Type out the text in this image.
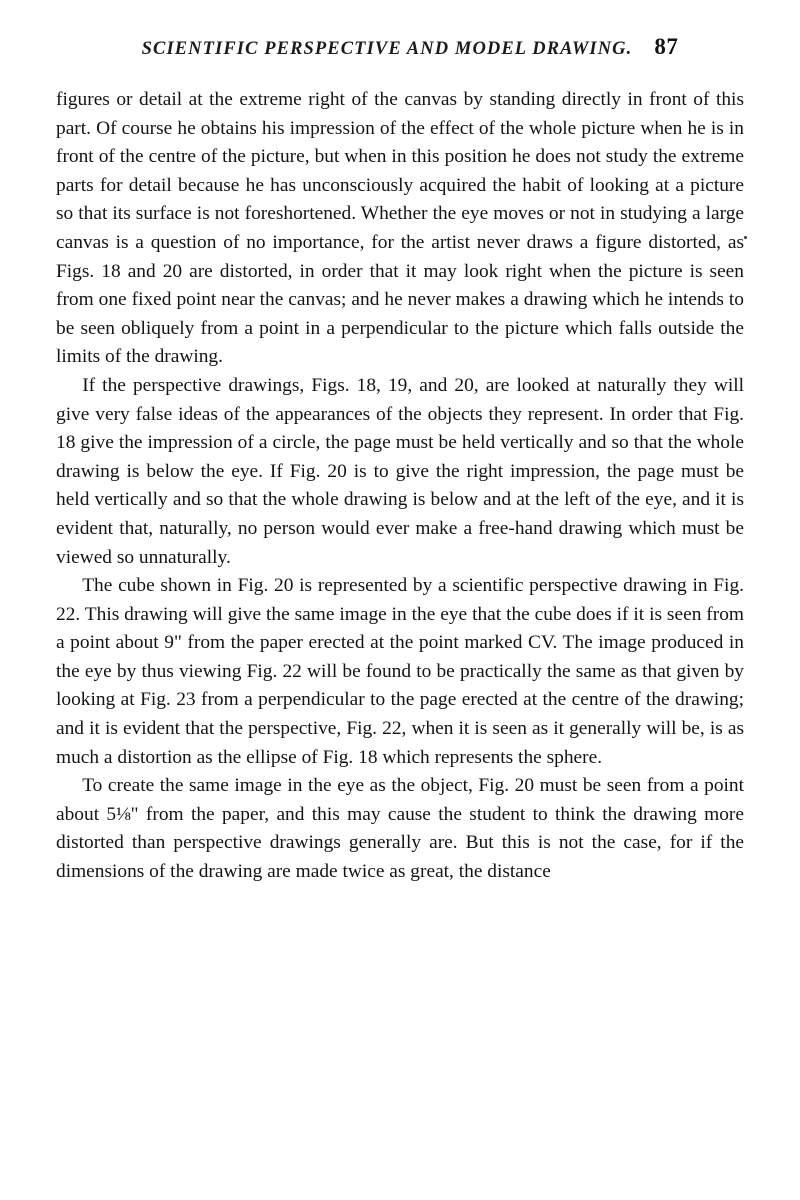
SCIENTIFIC PERSPECTIVE AND MODEL DRAWING. 87

figures or detail at the extreme right of the canvas by standing directly in front of this part. Of course he obtains his impression of the effect of the whole picture when he is in front of the centre of the picture, but when in this position he does not study the extreme parts for detail because he has unconsciously acquired the habit of looking at a picture so that its surface is not foreshortened. Whether the eye moves or not in studying a large canvas is a question of no importance, for the artist never draws a figure distorted, as Figs. 18 and 20 are distorted, in order that it may look right when the picture is seen from one fixed point near the canvas; and he never makes a drawing which he intends to be seen obliquely from a point in a perpendicular to the picture which falls outside the limits of the drawing.

If the perspective drawings, Figs. 18, 19, and 20, are looked at naturally they will give very false ideas of the appearances of the objects they represent. In order that Fig. 18 give the impression of a circle, the page must be held vertically and so that the whole drawing is below the eye. If Fig. 20 is to give the right impression, the page must be held vertically and so that the whole drawing is below and at the left of the eye, and it is evident that, naturally, no person would ever make a free-hand drawing which must be viewed so unnaturally.

The cube shown in Fig. 20 is represented by a scientific perspective drawing in Fig. 22. This drawing will give the same image in the eye that the cube does if it is seen from a point about 9" from the paper erected at the point marked CV. The image produced in the eye by thus viewing Fig. 22 will be found to be practically the same as that given by looking at Fig. 23 from a perpendicular to the page erected at the centre of the drawing; and it is evident that the perspective, Fig. 22, when it is seen as it generally will be, is as much a distortion as the ellipse of Fig. 18 which represents the sphere.

To create the same image in the eye as the object, Fig. 20 must be seen from a point about 5⅛" from the paper, and this may cause the student to think the drawing more distorted than perspective drawings generally are. But this is not the case, for if the dimensions of the drawing are made twice as great, the distance
